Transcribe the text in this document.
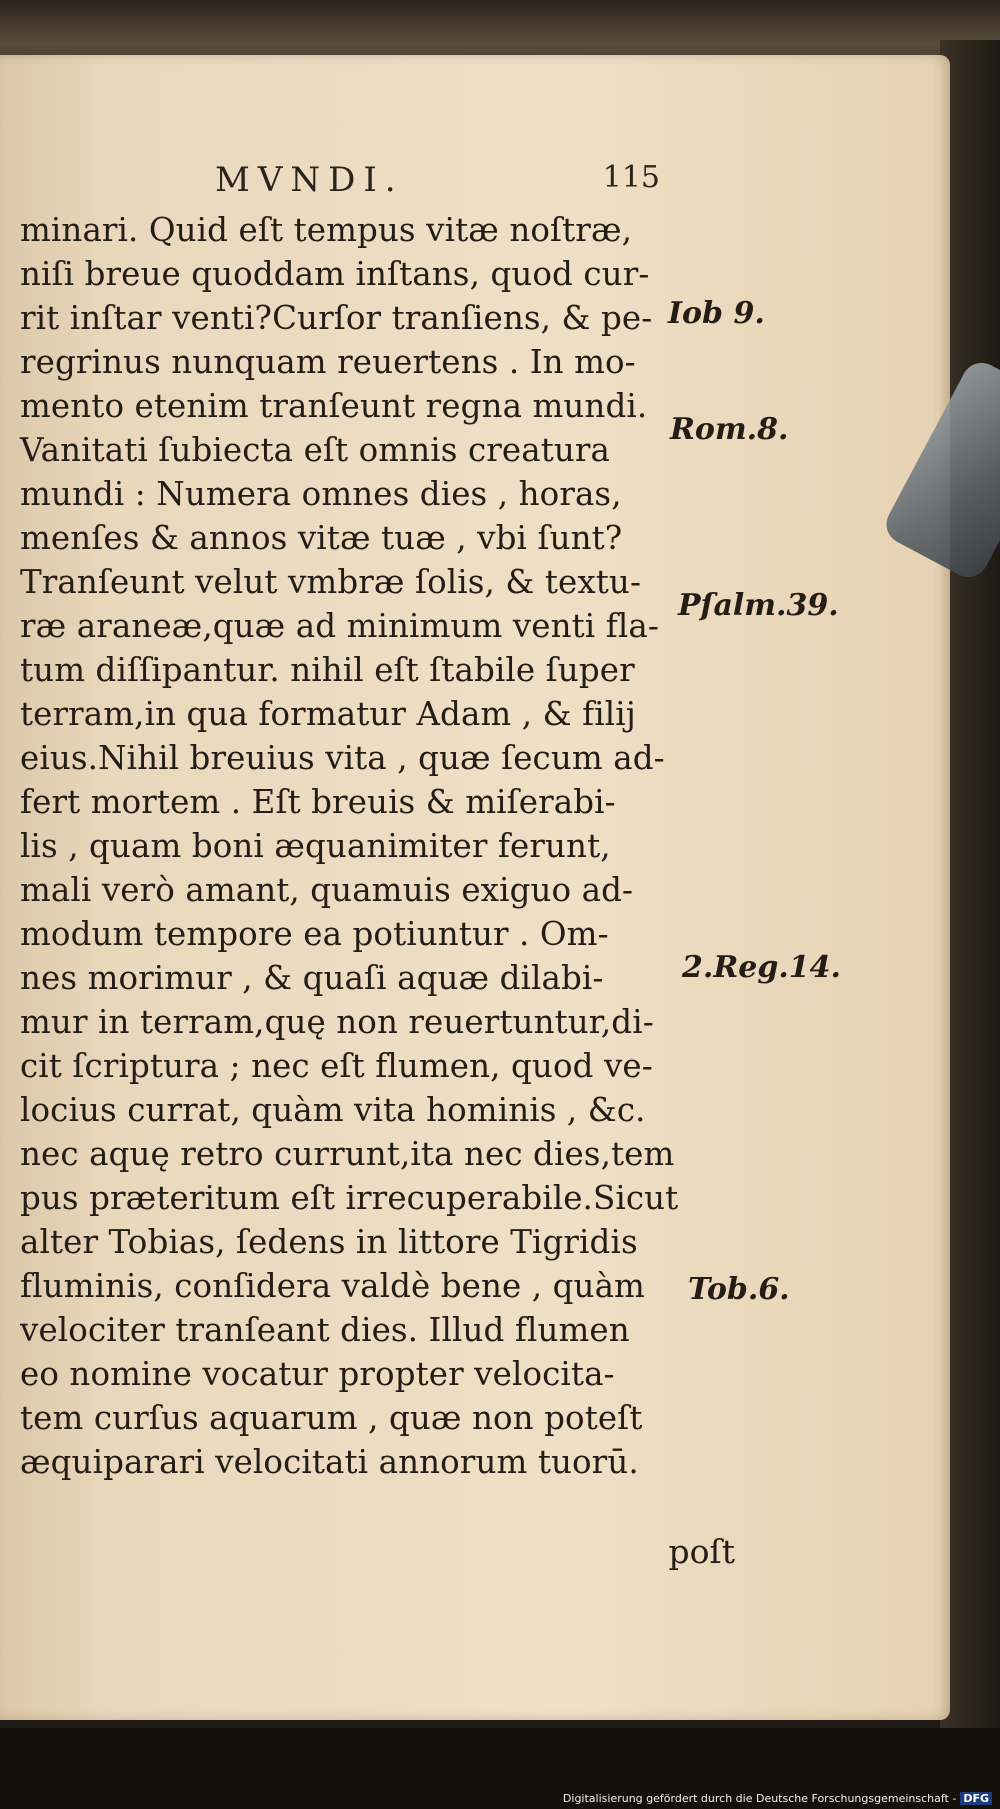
MVNDI.	115
minari. Quid eſt tempus vitæ noſtræ,
niſi breue quoddam inſtans, quod cur-
rit inſtar venti?Curſor tranſiens, & pe-
regrinus nunquam reuertens . In mo-
mento etenim tranſeunt regna mundi.
Vanitati ſubiecta eſt omnis creatura
mundi : Numera omnes dies , horas,
menſes & annos vitæ tuæ , vbi ſunt?
Tranſeunt velut vmbræ ſolis, & textu-
ræ araneæ,quæ ad minimum venti fla-
tum diſſipantur. nihil eſt ſtabile ſuper
terram,in qua formatur Adam , & filij
eius.Nihil breuius vita , quæ ſecum ad-
fert mortem . Eſt breuis & miſerabi-
lis , quam boni æquanimiter ferunt,
mali verò amant, quamuis exiguo ad-
modum tempore ea potiuntur . Om-
nes morimur , & quaſi aquæ dilabi-
mur in terram,quę non reuertuntur,di-
cit ſcriptura ; nec eſt flumen, quod ve-
locius currat, quàm vita hominis , &c.
nec aquę retro currunt,ita nec dies,tem
pus præteritum eſt irrecuperabile.Sicut
alter Tobias, ſedens in littore Tigridis
fluminis, conſidera valdè bene , quàm
velociter tranſeant dies. Illud flumen
eo nomine vocatur propter velocita-
tem curſus aquarum , quæ non poteſt
æquiparari velocitati annorum tuorū.
poſt
Iob 9.
Rom.8.
Pſalm.39.
2.Reg.14.
Tob.6.
Digitalisierung gefördert durch die Deutsche Forschungsgemeinschaft - DFG
